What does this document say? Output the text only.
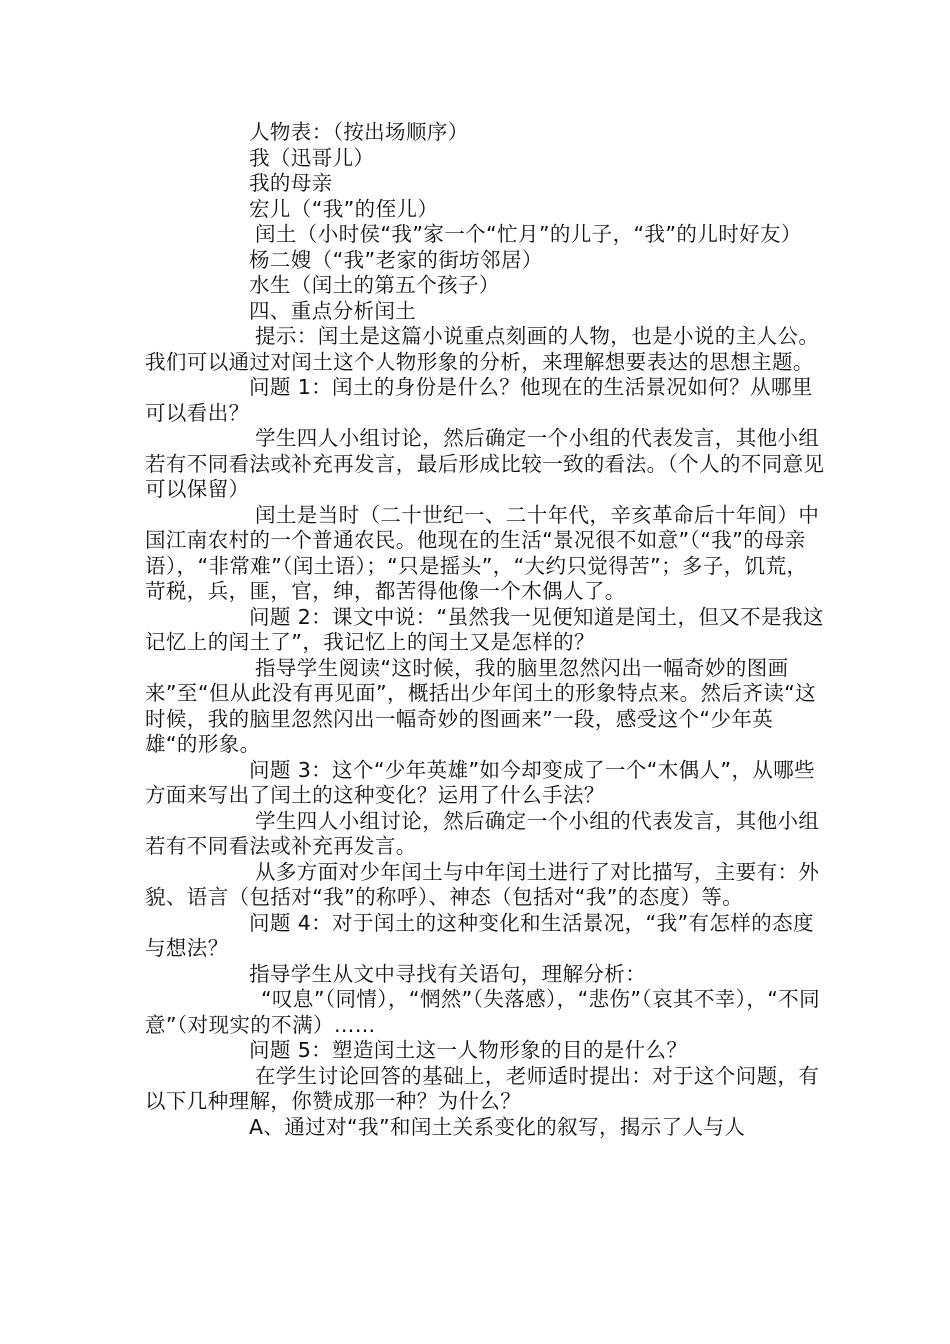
人物表：（按出场顺序）

我（迅哥儿）

我的母亲

宏儿（“我”的侄儿）

闰土（小时侯“我”家一个“忙月”的儿子，“我”的儿时好友）

杨二嫂（“我”老家的街坊邻居）

水生（闰土的第五个孩子）

四、重点分析闰土

提示：闰土是这篇小说重点刻画的人物，也是小说的主人公。我们可以通过对闰土这个人物形象的分析，来理解想要表达的思想主题。

问题 1：闰土的身份是什么？他现在的生活景况如何？从哪里可以看出？

学生四人小组讨论，然后确定一个小组的代表发言，其他小组若有不同看法或补充再发言，最后形成比较一致的看法。（个人的不同意见可以保留）

闰土是当时（二十世纪一、二十年代，辛亥革命后十年间）中国江南农村的一个普通农民。他现在的生活“景况很不如意”（“我”的母亲语），“非常难”（闰土语）；“只是摇头”，“大约只觉得苦”；多子，饥荒，苛税，兵，匪，官，绅，都苦得他像一个木偶人了。

问题 2：课文中说：“虽然我一见便知道是闰土，但又不是我这记忆上的闰土了”，我记忆上的闰土又是怎样的？

指导学生阅读“这时候，我的脑里忽然闪出一幅奇妙的图画来”至“但从此没有再见面”，概括出少年闰土的形象特点来。然后齐读“这时候，我的脑里忽然闪出一幅奇妙的图画来”一段，感受这个“少年英雄“的形象。

问题 3：这个“少年英雄”如今却变成了一个“木偶人”，从哪些方面来写出了闰土的这种变化？运用了什么手法？

学生四人小组讨论，然后确定一个小组的代表发言，其他小组若有不同看法或补充再发言。

从多方面对少年闰土与中年闰土进行了对比描写，主要有：外貌、语言（包括对“我”的称呼）、神态（包括对“我”的态度）等。

问题 4：对于闰土的这种变化和生活景况，“我”有怎样的态度与想法？

指导学生从文中寻找有关语句，理解分析：

“叹息”（同情），“惘然”（失落感），“悲伤”（哀其不幸），“不同意”（对现实的不满）……

问题 5：塑造闰土这一人物形象的目的是什么？

在学生讨论回答的基础上，老师适时提出：对于这个问题，有以下几种理解，你赞成那一种？为什么？

A、通过对“我”和闰土关系变化的叙写，揭示了人与人
